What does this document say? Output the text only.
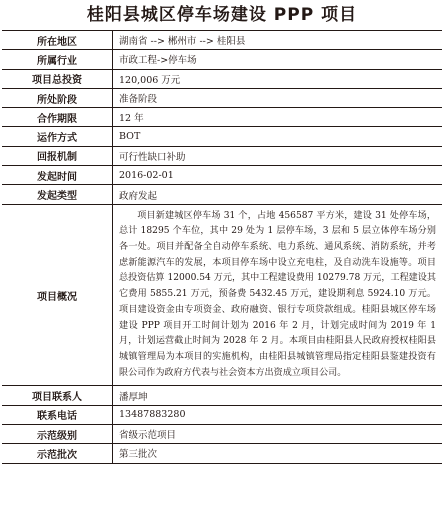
桂阳县城区停车场建设 PPP 项目
所在地区	湖南省 --> 郴州市 --> 桂阳县
所属行业	市政工程->停车场
项目总投资	120,006 万元
所处阶段	准备阶段
合作期限	12 年
运作方式	BOT
回报机制	可行性缺口补助
发起时间	2016-02-01
发起类型	政府发起
项目概况	项目新建城区停车场 31 个，占地 456587 平方米，建设 31 处停车场，总计 18295 个车位，其中 29 处为 1 层停车场，3 层和 5 层立体停车场分别各一处。项目并配备全自动停车系统、电力系统、通风系统、消防系统，并考虑新能源汽车的发展，本项目停车场中设立充电柱，及自动洗车设施等。项目总投资估算 12000.54 万元，其中工程建设费用 10279.78 万元，工程建设其它费用 5855.21 万元，预备费 5432.45 万元，建设期利息 5924.10 万元。项目建设资金由专项资金、政府融资、银行专项贷款组成。桂阳县城区停车场建设 PPP 项目开工时间计划为 2016 年 2 月，计划完成时间为 2019 年 1 月，计划运营截止时间为 2028 年 2 月。本项目由桂阳县人民政府授权桂阳县城镇管理局为本项目的实施机构，由桂阳县城镇管理局指定桂阳县鉴建投资有限公司作为政府方代表与社会资本方出资成立项目公司。
项目联系人	潘厚坤
联系电话	13487883280
示范级别	省级示范项目
示范批次	第三批次
